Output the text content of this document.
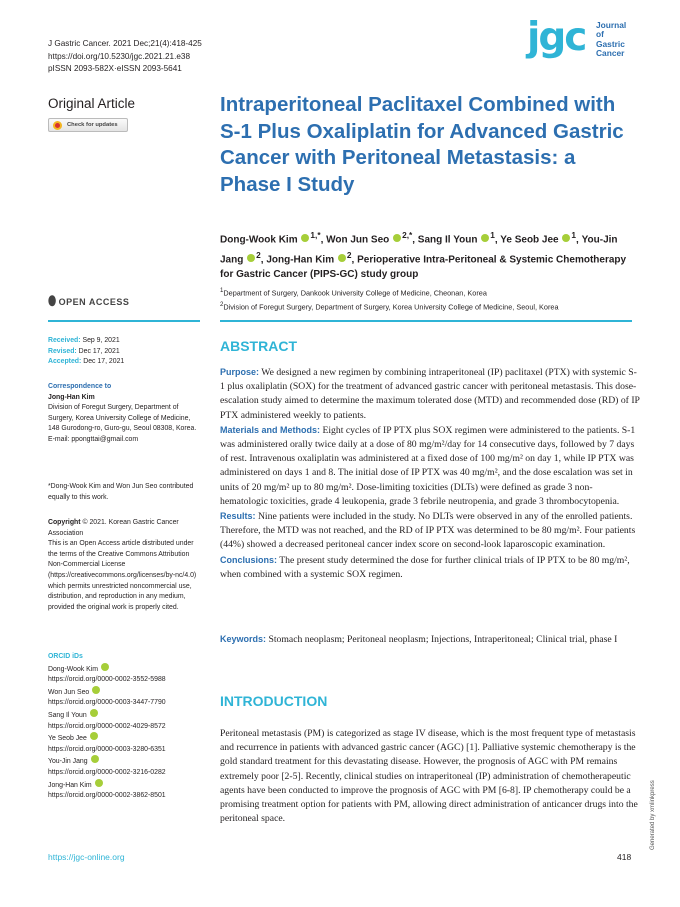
J Gastric Cancer. 2021 Dec;21(4):418-425
https://doi.org/10.5230/jgc.2021.21.e38
pISSN 2093-582X·eISSN 2093-5641
jgc Journal
of
Gastric
Cancer
Original Article
Check for updates
Intraperitoneal Paclitaxel Combined with S-1 Plus Oxaliplatin for Advanced Gastric Cancer with Peritoneal Metastasis: a Phase I Study
Dong-Wook Kim $^{1,*}$, Won Jun Seo $^{2,*}$, Sang Il Youn $^1$, Ye Seob Jee $^1$, You-Jin Jang $^2$, Jong-Han Kim $^2$, Perioperative Intra-Peritoneal & Systemic Chemotherapy for Gastric Cancer (PIPS-GC) study group
$^1$Department of Surgery, Dankook University College of Medicine, Cheonan, Korea
$^2$Division of Foregut Surgery, Department of Surgery, Korea University College of Medicine, Seoul, Korea
⬮ OPEN ACCESS
Received: Sep 9, 2021
Revised: Dec 17, 2021
Accepted: Dec 17, 2021
Correspondence to
Jong-Han Kim
Division of Foregut Surgery, Department of Surgery, Korea University College of Medicine, 148 Gurodong-ro, Guro-gu, Seoul 08308, Korea.
E-mail: ppongttai@gmail.com
*Dong-Wook Kim and Won Jun Seo contributed equally to this work.
Copyright © 2021. Korean Gastric Cancer Association
This is an Open Access article distributed under the terms of the Creative Commons Attribution Non-Commercial License (https://creativecommons.org/licenses/by-nc/4.0) which permits unrestricted noncommercial use, distribution, and reproduction in any medium, provided the original work is properly cited.
ORCID iDs
Dong-Wook Kim
https://orcid.org/0000-0002-3552-5988
Won Jun Seo
https://orcid.org/0000-0003-3447-7790
Sang Il Youn
https://orcid.org/0000-0002-4029-8572
Ye Seob Jee
https://orcid.org/0000-0003-3280-6351
You-Jin Jang
https://orcid.org/0000-0002-3216-0282
Jong-Han Kim
https://orcid.org/0000-0002-3862-8501
ABSTRACT
Purpose: We designed a new regimen by combining intraperitoneal (IP) paclitaxel (PTX) with systemic S-1 plus oxaliplatin (SOX) for the treatment of advanced gastric cancer with peritoneal metastasis. This dose-escalation study aimed to determine the maximum tolerated dose (MTD) and recommended dose (RD) of IP PTX administered weekly to patients.
Materials and Methods: Eight cycles of IP PTX plus SOX regimen were administered to the patients. S-1 was administered orally twice daily at a dose of 80 mg/m²/day for 14 consecutive days, followed by 7 days of rest. Intravenous oxaliplatin was administered at a fixed dose of 100 mg/m² on day 1, while IP PTX was administered on days 1 and 8. The initial dose of IP PTX was 40 mg/m², and the dose escalation was set in units of 20 mg/m² up to 80 mg/m². Dose-limiting toxicities (DLTs) were defined as grade 3 non-hematologic toxicities, grade 4 leukopenia, grade 3 febrile neutropenia, and grade 3 thrombocytopenia.
Results: Nine patients were included in the study. No DLTs were observed in any of the enrolled patients. Therefore, the MTD was not reached, and the RD of IP PTX was determined to be 80 mg/m². Four patients (44%) showed a decreased peritoneal cancer index score on second-look laparoscopic examination.
Conclusions: The present study determined the dose for further clinical trials of IP PTX to be 80 mg/m², when combined with a systemic SOX regimen.
Keywords: Stomach neoplasm; Peritoneal neoplasm; Injections, Intraperitoneal; Clinical trial, phase I
INTRODUCTION
Peritoneal metastasis (PM) is categorized as stage IV disease, which is the most frequent type of metastasis and recurrence in patients with advanced gastric cancer (AGC) [1]. Palliative systemic chemotherapy is the gold standard treatment for this devastating disease. However, the prognosis of AGC with PM remains extremely poor [2-5]. Recently, clinical studies on intraperitoneal (IP) administration of chemotherapeutic agents have been conducted to improve the prognosis of AGC with PM [6-8]. IP chemotherapy could be a promising treatment option for patients with PM, allowing direct administration of anticancer drugs into the peritoneal space.	Generated by xmlinkpress
https://jgc-online.org	418
